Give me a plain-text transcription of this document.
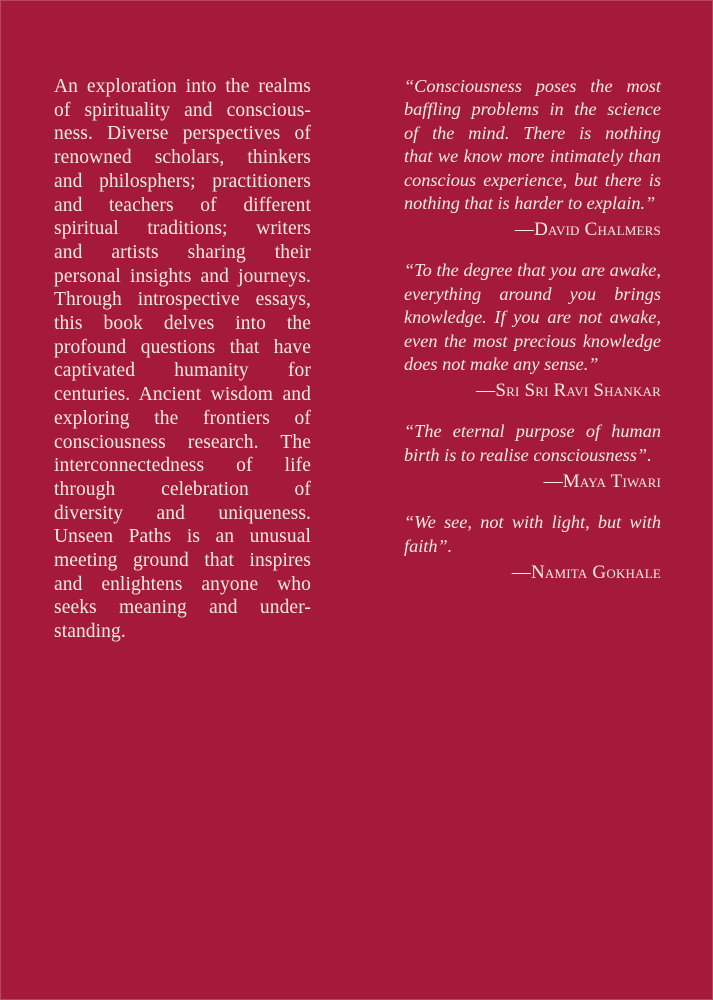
An exploration into the realms
of spirituality and conscious-
ness. Diverse perspectives of
renowned scholars, thinkers
and philosphers; practitioners
and teachers of different
spiritual traditions; writers
and artists sharing their
personal insights and journeys.
Through introspective essays,
this book delves into the
profound questions that have
captivated humanity for
centuries. Ancient wisdom and
exploring the frontiers of
consciousness research. The
interconnectedness of life
through celebration of
diversity and uniqueness.
Unseen Paths is an unusual
meeting ground that inspires
and enlightens anyone who
seeks meaning and under-
standing.

“Consciousness poses the most
baffling problems in the science
of the mind. There is nothing
that we know more intimately than
conscious experience, but there is
nothing that is harder to explain.”

—David Chalmers

“To the degree that you are awake,
everything around you brings
knowledge. If you are not awake,
even the most precious knowledge
does not make any sense.”

—Sri Sri Ravi Shankar

“The eternal purpose of human
birth is to realise consciousness”.

—Maya Tiwari

“We see, not with light, but with
faith”.

—Namita Gokhale
